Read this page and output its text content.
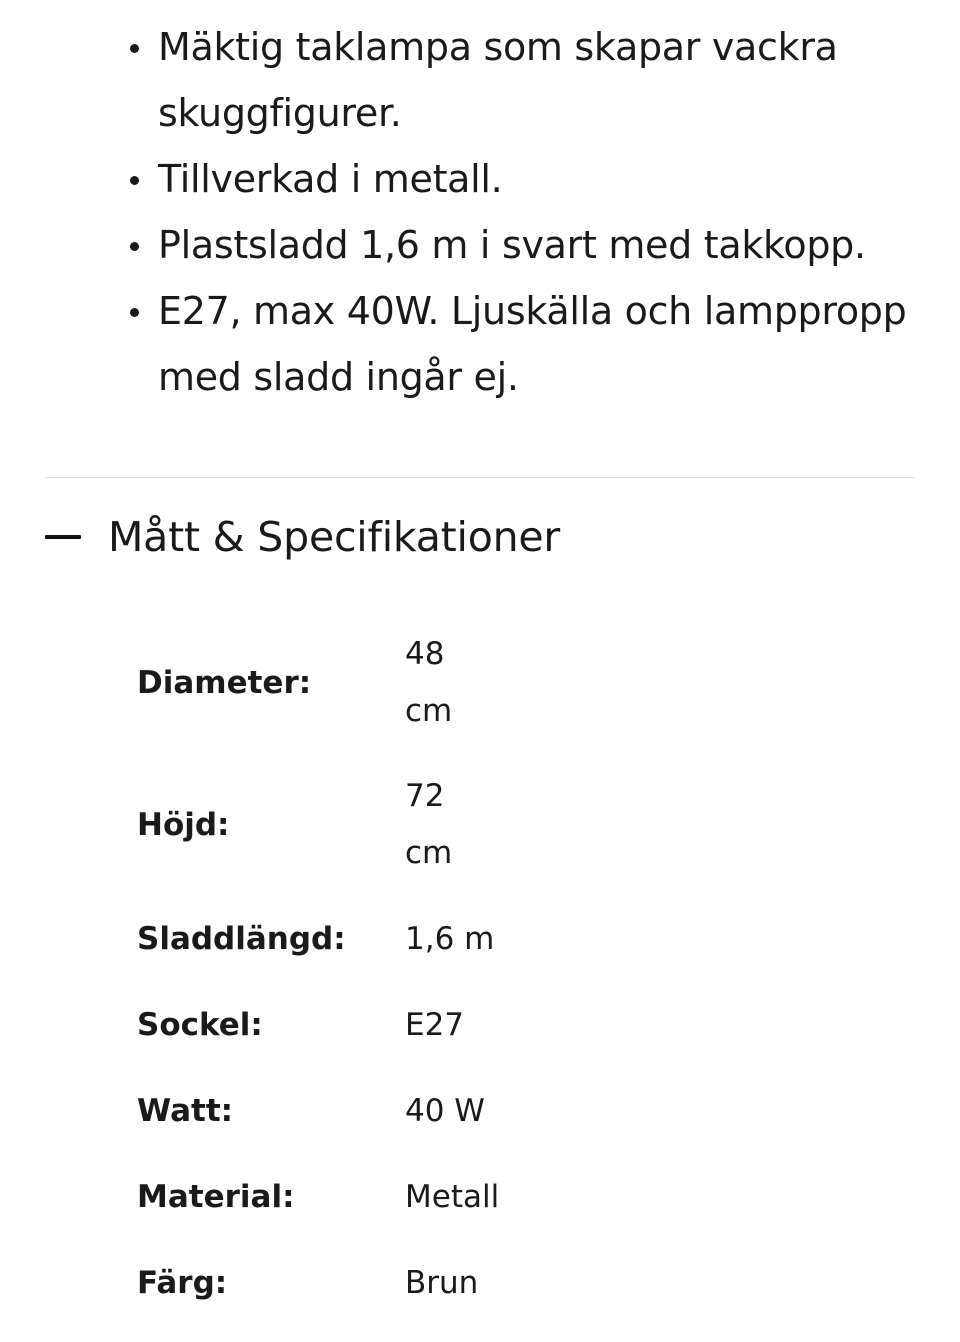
Mäktig taklampa som skapar vackra skuggfigurer.
Tillverkad i metall.
Plastsladd 1,6 m i svart med takkopp.
E27, max 40W. Ljuskälla och lamppropp med sladd ingår ej.
Mått & Specifikationer
Diameter:	48
cm
Höjd:	72
cm
Sladdlängd:	1,6 m
Sockel:	E27
Watt:	40 W
Material:	Metall
Färg:	Brun
